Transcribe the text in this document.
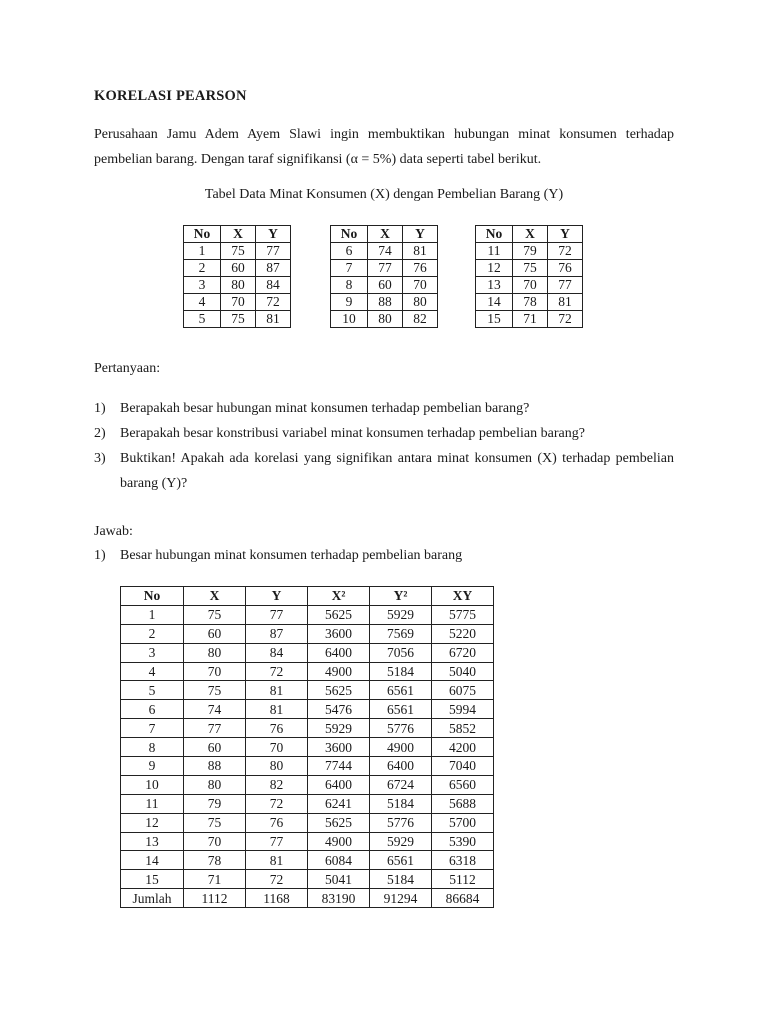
KORELASI PEARSON
Perusahaan Jamu Adem Ayem Slawi ingin membuktikan hubungan minat konsumen terhadap pembelian barang. Dengan taraf signifikansi (α = 5%) data seperti tabel berikut.
Tabel Data Minat Konsumen (X) dengan Pembelian Barang (Y)
No	X	Y
1	75	77
2	60	87
3	80	84
4	70	72
5	75	81
No	X	Y
6	74	81
7	77	76
8	60	70
9	88	80
10	80	82
No	X	Y
11	79	72
12	75	76
13	70	77
14	78	81
15	71	72
Pertanyaan:
1)	Berapakah besar hubungan minat konsumen terhadap pembelian barang?
2)	Berapakah besar konstribusi variabel minat konsumen terhadap pembelian barang?
3)	Buktikan! Apakah ada korelasi yang signifikan antara minat konsumen (X) terhadap pembelian barang (Y)?
Jawab:
1)	Besar hubungan minat konsumen terhadap pembelian barang
No	X	Y	X²	Y²	XY
1	75	77	5625	5929	5775
2	60	87	3600	7569	5220
3	80	84	6400	7056	6720
4	70	72	4900	5184	5040
5	75	81	5625	6561	6075
6	74	81	5476	6561	5994
7	77	76	5929	5776	5852
8	60	70	3600	4900	4200
9	88	80	7744	6400	7040
10	80	82	6400	6724	6560
11	79	72	6241	5184	5688
12	75	76	5625	5776	5700
13	70	77	4900	5929	5390
14	78	81	6084	6561	6318
15	71	72	5041	5184	5112
Jumlah	1112	1168	83190	91294	86684
